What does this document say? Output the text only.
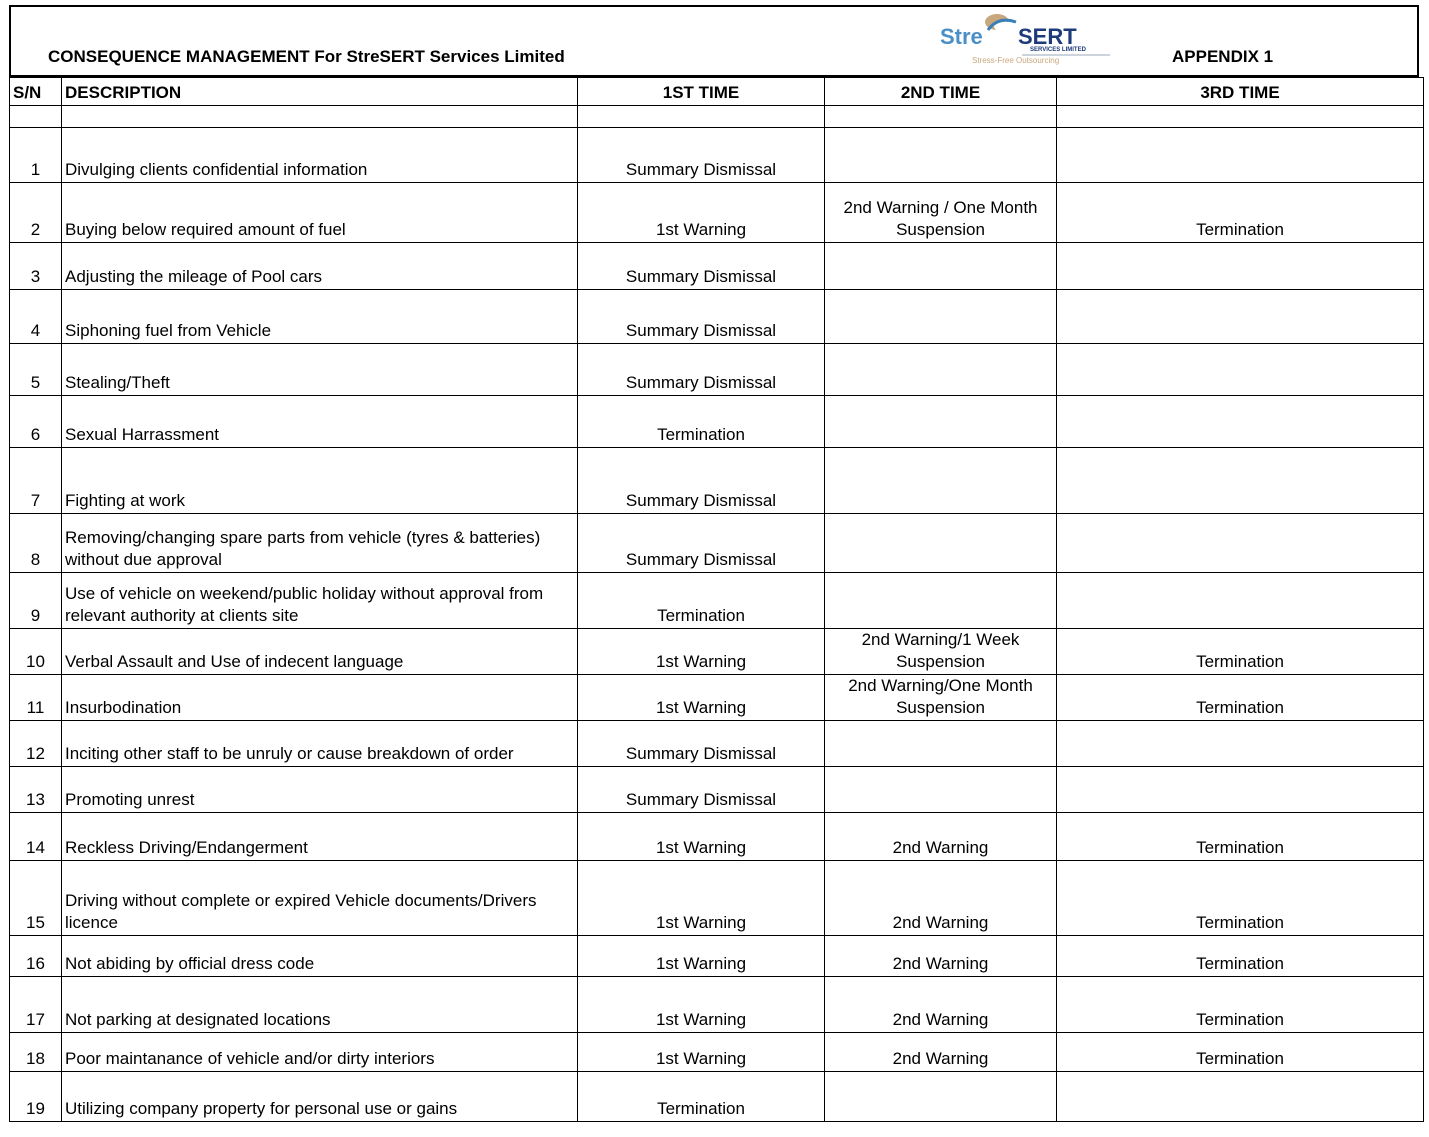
CONSEQUENCE MANAGEMENT For StreSERT Services Limited	APPENDIX 1
Stre SERT
SERVICES LIMITED
Stress-Free Outsourcing
S/N	DESCRIPTION	1ST TIME	2ND TIME	3RD TIME

1	Divulging clients confidential information	Summary Dismissal		
2	Buying below required amount of fuel	1st Warning	2nd Warning / One Month Suspension	Termination
3	Adjusting the mileage of Pool cars	Summary Dismissal		
4	Siphoning fuel from Vehicle	Summary Dismissal		
5	Stealing/Theft	Summary Dismissal		
6	Sexual Harrassment	Termination		
7	Fighting at work	Summary Dismissal		
8	Removing/changing spare parts from vehicle (tyres & batteries) without due approval	Summary Dismissal		
9	Use of vehicle on weekend/public holiday without approval from relevant authority at clients site	Termination		
10	Verbal Assault and Use of indecent language	1st Warning	2nd Warning/1 Week Suspension	Termination
11	Insurbodination	1st Warning	2nd Warning/One Month Suspension	Termination
12	Inciting other staff to be unruly or cause breakdown of order	Summary Dismissal		
13	Promoting unrest	Summary Dismissal		
14	Reckless Driving/Endangerment	1st Warning	2nd Warning	Termination
15	Driving without complete or expired Vehicle documents/Drivers licence	1st Warning	2nd Warning	Termination
16	Not abiding by official dress code	1st Warning	2nd Warning	Termination
17	Not parking at designated locations	1st Warning	2nd Warning	Termination
18	Poor maintanance of vehicle and/or dirty interiors	1st Warning	2nd Warning	Termination
19	Utilizing company property for personal use or gains	Termination		
